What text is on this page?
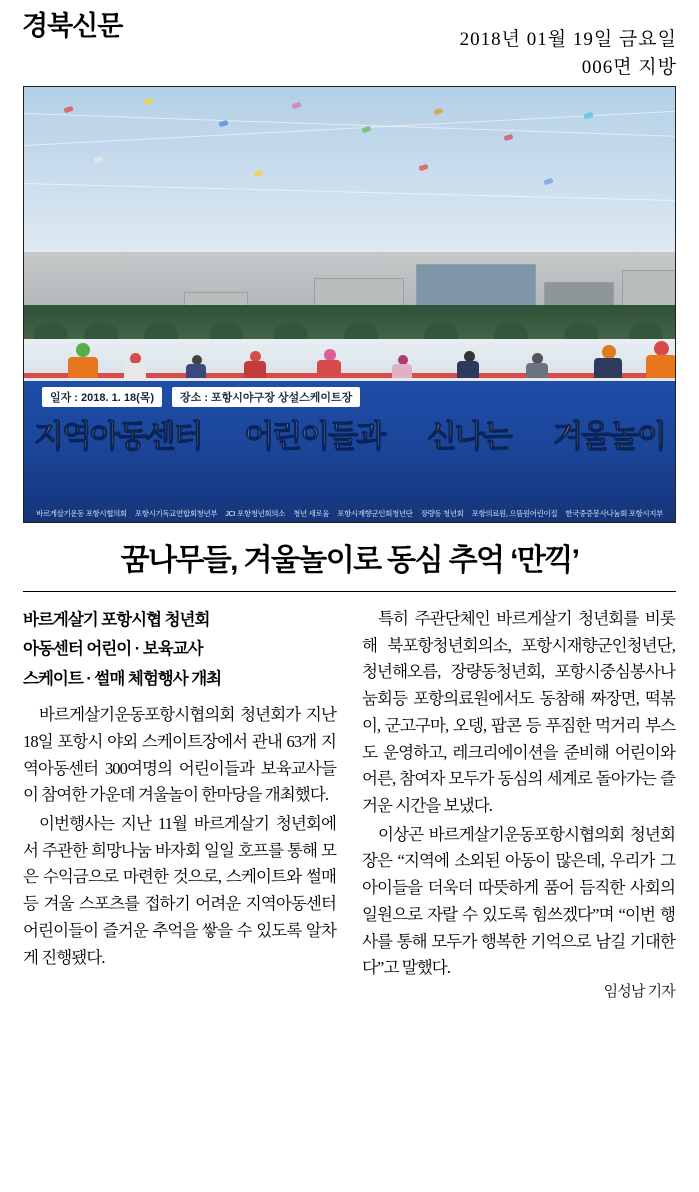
경북신문	2018년 01월 19일 금요일
006면 지방
일자 : 2018. 1. 18(목)	장소 : 포항시야구장 상설스케이트장
지역아동센터 어린이들과 신나는 겨울놀이
바르게살기운동 포항시협의회 포항시기독교연합회청년부 JCI 포항청년회의소 청년 새로움 포항시재향군인회청년단 장량동 청년회 포항의료원, 으뜸원어린이집 한국중증봉사나눔회 포항시지부
꿈나무들, 겨울놀이로 동심 추억 ‘만끽’
바르게살기 포항시협 청년회
아동센터 어린이 · 보육교사
스케이트 · 썰매 체험행사 개최

바르게살기운동포항시협의회 청년회가 지난 18일 포항시 야외 스케이트장에서 관내 63개 지역아동센터 300여명의 어린이들과 보육교사들이 참여한 가운데 겨울놀이 한마당을 개최했다.

이번행사는 지난 11월 바르게살기 청년회에서 주관한 희망나눔 바자회 일일 호프를 통해 모은 수익금으로 마련한 것으로, 스케이트와 썰매 등 겨울 스포츠를 접하기 어려운 지역아동센터 어린이들이 즐거운 추억을 쌓을 수 있도록 알차게 진행됐다.

특히 주관단체인 바르게살기 청년회를 비롯해 북포항청년회의소, 포항시재향군인청년단, 청년해오름, 장량동청년회, 포항시중심봉사나눔회등 포항의료원에서도 동참해 짜장면, 떡볶이, 군고구마, 오뎅, 팝콘 등 푸짐한 먹거리 부스도 운영하고, 레크리에이션을 준비해 어린이와 어른, 참여자 모두가 동심의 세계로 돌아가는 즐거운 시간을 보냈다.

이상곤 바르게살기운동포항시협의회 청년회장은 “지역에 소외된 아동이 많은데, 우리가 그 아이들을 더욱더 따뜻하게 품어 듬직한 사회의 일원으로 자랄 수 있도록 힘쓰겠다”며 “이번 행사를 통해 모두가 행복한 기억으로 남길 기대한다”고 말했다.

임성남 기자
